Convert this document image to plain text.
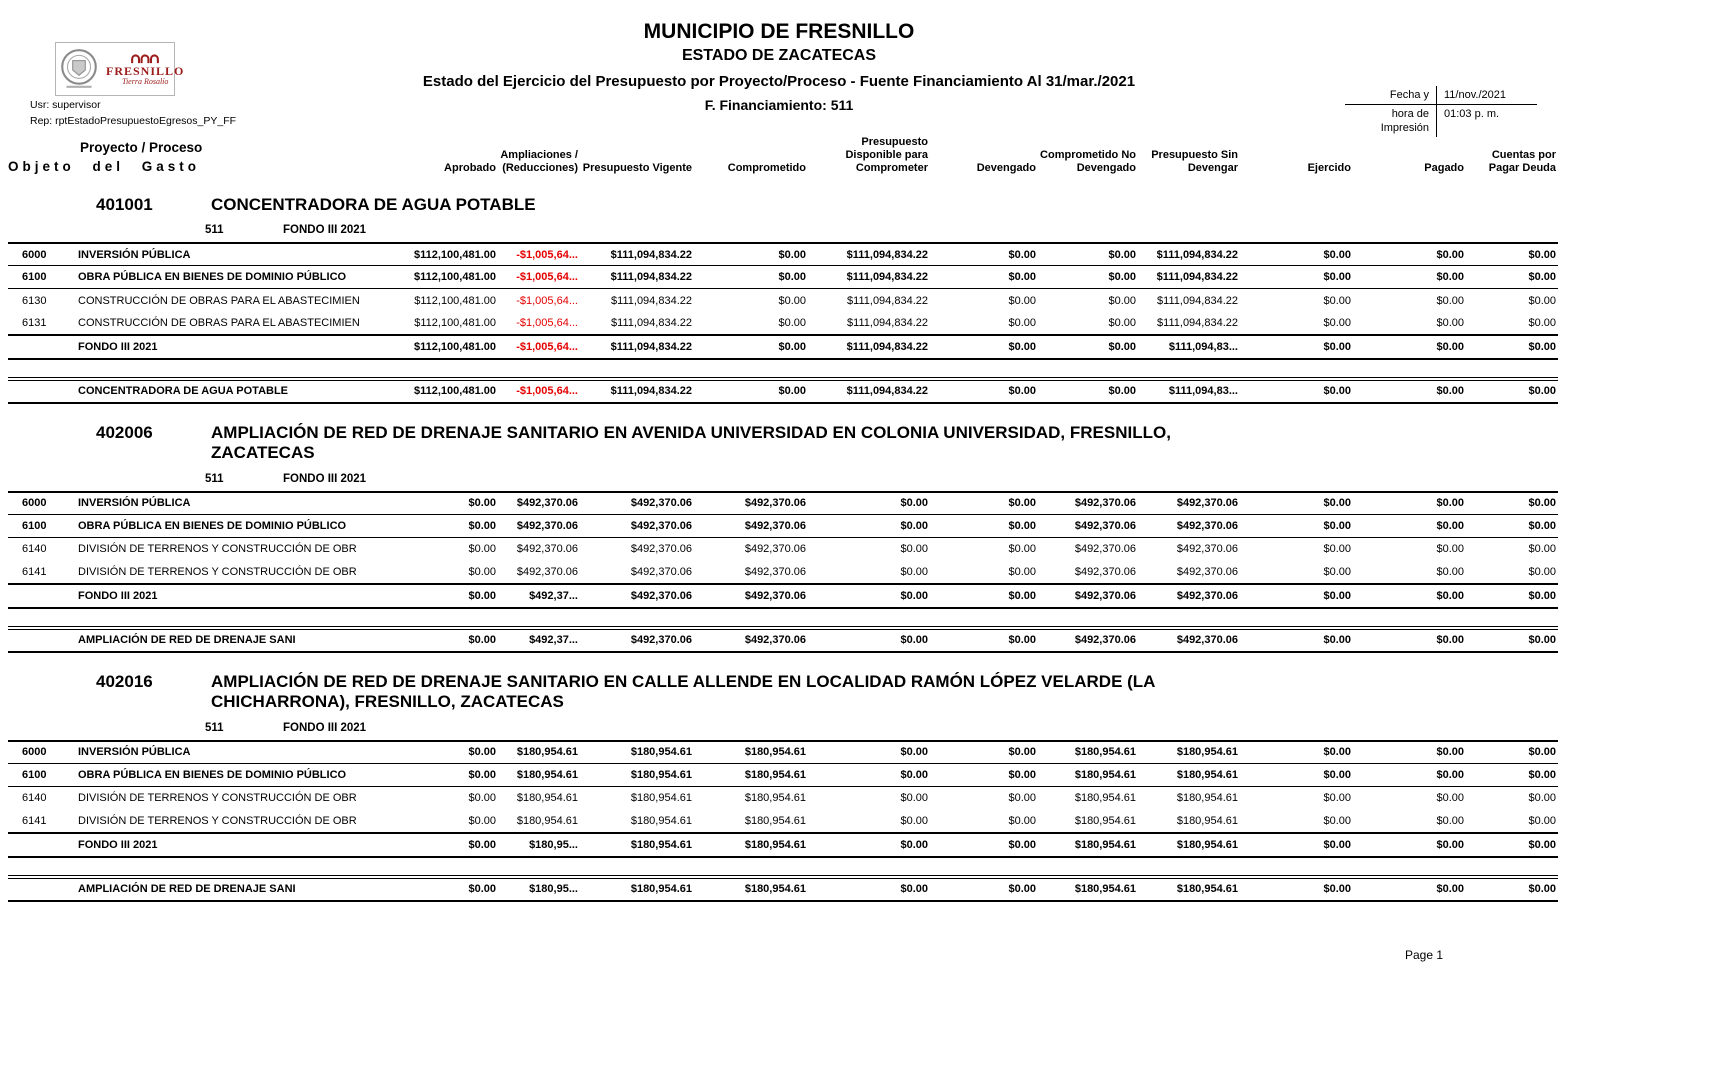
FRESNILLO
Tierra Rosalío
Usr: supervisor
Rep: rptEstadoPresupuestoEgresos_PY_FF
MUNICIPIO DE FRESNILLO
ESTADO DE ZACATECAS
Estado del Ejercicio del Presupuesto por Proyecto/Proceso - Fuente Financiamiento Al 31/mar./2021
F. Financiamiento: 511
Fecha y	11/nov./2021
hora de Impresión
01:03 p. m.
Proyecto / Proceso
Objeto del Gasto		Aprobado	Ampliaciones / (Reducciones)	Presupuesto Vigente	Comprometido	Presupuesto Disponible para Comprometer	Devengado	Comprometido No Devengado	Presupuesto Sin Devengar	Ejercido	Pagado	Cuentas por Pagar Deuda
401001 CONCENTRADORA DE AGUA POTABLE												
511 FONDO III 2021												
6000	INVERSIÓN PÚBLICA	$112,100,481.00	-$1,005,64...	$111,094,834.22	$0.00	$111,094,834.22	$0.00	$0.00	$111,094,834.22	$0.00	$0.00	$0.00
6100	OBRA PÚBLICA EN BIENES DE DOMINIO PÚBLICO	$112,100,481.00	-$1,005,64...	$111,094,834.22	$0.00	$111,094,834.22	$0.00	$0.00	$111,094,834.22	$0.00	$0.00	$0.00
6130	CONSTRUCCIÓN DE OBRAS PARA EL ABASTECIMIEN	$112,100,481.00	-$1,005,64...	$111,094,834.22	$0.00	$111,094,834.22	$0.00	$0.00	$111,094,834.22	$0.00	$0.00	$0.00
6131	CONSTRUCCIÓN DE OBRAS PARA EL ABASTECIMIEN	$112,100,481.00	-$1,005,64...	$111,094,834.22	$0.00	$111,094,834.22	$0.00	$0.00	$111,094,834.22	$0.00	$0.00	$0.00
	FONDO III 2021	$112,100,481.00	-$1,005,64...	$111,094,834.22	$0.00	$111,094,834.22	$0.00	$0.00	$111,094,83...	$0.00	$0.00	$0.00

	CONCENTRADORA DE AGUA POTABLE	$112,100,481.00	-$1,005,64...	$111,094,834.22	$0.00	$111,094,834.22	$0.00	$0.00	$111,094,83...	$0.00	$0.00	$0.00

402006 AMPLIACIÓN DE RED DE DRENAJE SANITARIO EN AVENIDA UNIVERSIDAD EN COLONIA UNIVERSIDAD, FRESNILLO, ZACATECAS												
511 FONDO III 2021												
6000	INVERSIÓN PÚBLICA	$0.00	$492,370.06	$492,370.06	$492,370.06	$0.00	$0.00	$492,370.06	$492,370.06	$0.00	$0.00	$0.00
6100	OBRA PÚBLICA EN BIENES DE DOMINIO PÚBLICO	$0.00	$492,370.06	$492,370.06	$492,370.06	$0.00	$0.00	$492,370.06	$492,370.06	$0.00	$0.00	$0.00
6140	DIVISIÓN DE TERRENOS Y CONSTRUCCIÓN DE OBR	$0.00	$492,370.06	$492,370.06	$492,370.06	$0.00	$0.00	$492,370.06	$492,370.06	$0.00	$0.00	$0.00
6141	DIVISIÓN DE TERRENOS Y CONSTRUCCIÓN DE OBR	$0.00	$492,370.06	$492,370.06	$492,370.06	$0.00	$0.00	$492,370.06	$492,370.06	$0.00	$0.00	$0.00
	FONDO III 2021	$0.00	$492,37...	$492,370.06	$492,370.06	$0.00	$0.00	$492,370.06	$492,370.06	$0.00	$0.00	$0.00

	AMPLIACIÓN DE RED DE DRENAJE SANI	$0.00	$492,37...	$492,370.06	$492,370.06	$0.00	$0.00	$492,370.06	$492,370.06	$0.00	$0.00	$0.00

402016 AMPLIACIÓN DE RED DE DRENAJE SANITARIO EN CALLE ALLENDE EN LOCALIDAD RAMÓN LÓPEZ VELARDE (LA CHICHARRONA), FRESNILLO, ZACATECAS												
511 FONDO III 2021												
6000	INVERSIÓN PÚBLICA	$0.00	$180,954.61	$180,954.61	$180,954.61	$0.00	$0.00	$180,954.61	$180,954.61	$0.00	$0.00	$0.00
6100	OBRA PÚBLICA EN BIENES DE DOMINIO PÚBLICO	$0.00	$180,954.61	$180,954.61	$180,954.61	$0.00	$0.00	$180,954.61	$180,954.61	$0.00	$0.00	$0.00
6140	DIVISIÓN DE TERRENOS Y CONSTRUCCIÓN DE OBR	$0.00	$180,954.61	$180,954.61	$180,954.61	$0.00	$0.00	$180,954.61	$180,954.61	$0.00	$0.00	$0.00
6141	DIVISIÓN DE TERRENOS Y CONSTRUCCIÓN DE OBR	$0.00	$180,954.61	$180,954.61	$180,954.61	$0.00	$0.00	$180,954.61	$180,954.61	$0.00	$0.00	$0.00
	FONDO III 2021	$0.00	$180,95...	$180,954.61	$180,954.61	$0.00	$0.00	$180,954.61	$180,954.61	$0.00	$0.00	$0.00

	AMPLIACIÓN DE RED DE DRENAJE SANI	$0.00	$180,95...	$180,954.61	$180,954.61	$0.00	$0.00	$180,954.61	$180,954.61	$0.00	$0.00	$0.00

Page 1
